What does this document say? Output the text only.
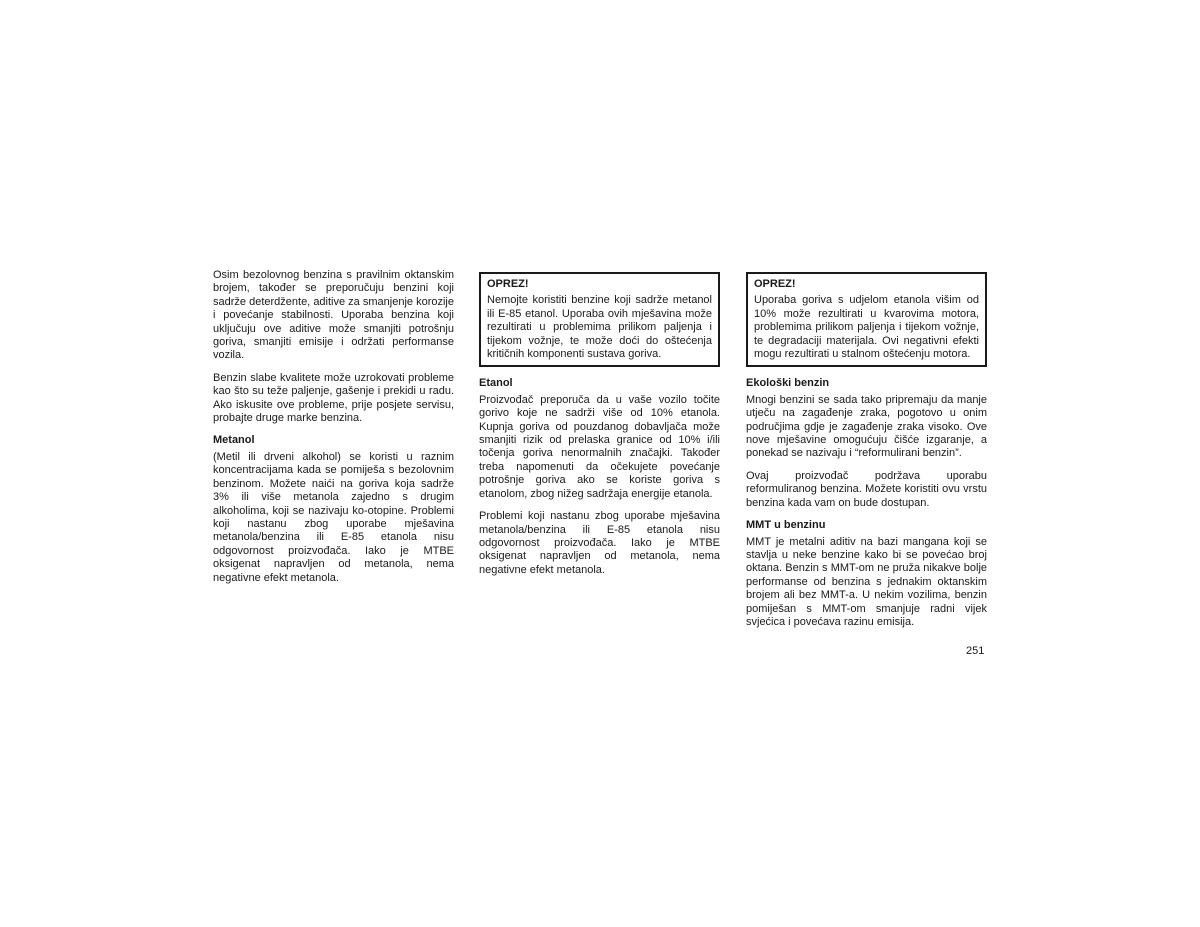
Osim bezolovnog benzina s pravilnim oktanskim brojem, također se preporučuju benzini koji sadrže deterdžente, aditive za smanjenje korozije i povećanje stabilnosti. Uporaba benzina koji uključuju ove aditive može smanjiti potrošnju goriva, smanjiti emisije i održati performanse vozila.

Benzin slabe kvalitete može uzrokovati probleme kao što su teže paljenje, gašenje i prekidi u radu. Ako iskusite ove probleme, prije posjete servisu, probajte druge marke benzina.

Metanol

(Metil ili drveni alkohol) se koristi u raznim koncentracijama kada se pomiješa s bezolovnim benzinom. Možete naići na goriva koja sadrže 3% ili više metanola zajedno s drugim alkoholima, koji se nazivaju ko-otopine. Problemi koji nastanu zbog uporabe mješavina metanola/benzina ili E-85 etanola nisu odgovornost proizvođača. Iako je MTBE oksigenat napravljen od metanola, nema negativne efekt metanola.

OPREZ!

Nemojte koristiti benzine koji sadrže metanol ili E-85 etanol. Uporaba ovih mješavina može rezultirati u problemima prilikom paljenja i tijekom vožnje, te može doći do oštećenja kritičnih komponenti sustava goriva.

Etanol

Proizvođač preporuča da u vaše vozilo točite gorivo koje ne sadrži više od 10% etanola. Kupnja goriva od pouzdanog dobavljača može smanjiti rizik od prelaska granice od 10% i/ili točenja goriva nenormalnih značajki. Također treba napomenuti da očekujete povećanje potrošnje goriva ako se koriste goriva s etanolom, zbog nižeg sadržaja energije etanola.

Problemi koji nastanu zbog uporabe mješavina metanola/benzina ili E-85 etanola nisu odgovornost proizvođača. Iako je MTBE oksigenat napravljen od metanola, nema negativne efekt metanola.

OPREZ!

Uporaba goriva s udjelom etanola višim od 10% može rezultirati u kvarovima motora, problemima prilikom paljenja i tijekom vožnje, te degradaciji materijala. Ovi negativni efekti mogu rezultirati u stalnom oštećenju motora.

Ekološki benzin

Mnogi benzini se sada tako pripremaju da manje utječu na zagađenje zraka, pogotovo u onim područjima gdje je zagađenje zraka visoko. Ove nove mješavine omogućuju čišće izgaranje, a ponekad se nazivaju i “reformulirani benzin”.

Ovaj proizvođač podržava uporabu reformuliranog benzina. Možete koristiti ovu vrstu benzina kada vam on bude dostupan.

MMT u benzinu

MMT je metalni aditiv na bazi mangana koji se stavlja u neke benzine kako bi se povećao broj oktana. Benzin s MMT-om ne pruža nikakve bolje performanse od benzina s jednakim oktanskim brojem ali bez MMT-a. U nekim vozilima, benzin pomiješan s MMT-om smanjuje radni vijek svjećica i povećava razinu emisija.

251
